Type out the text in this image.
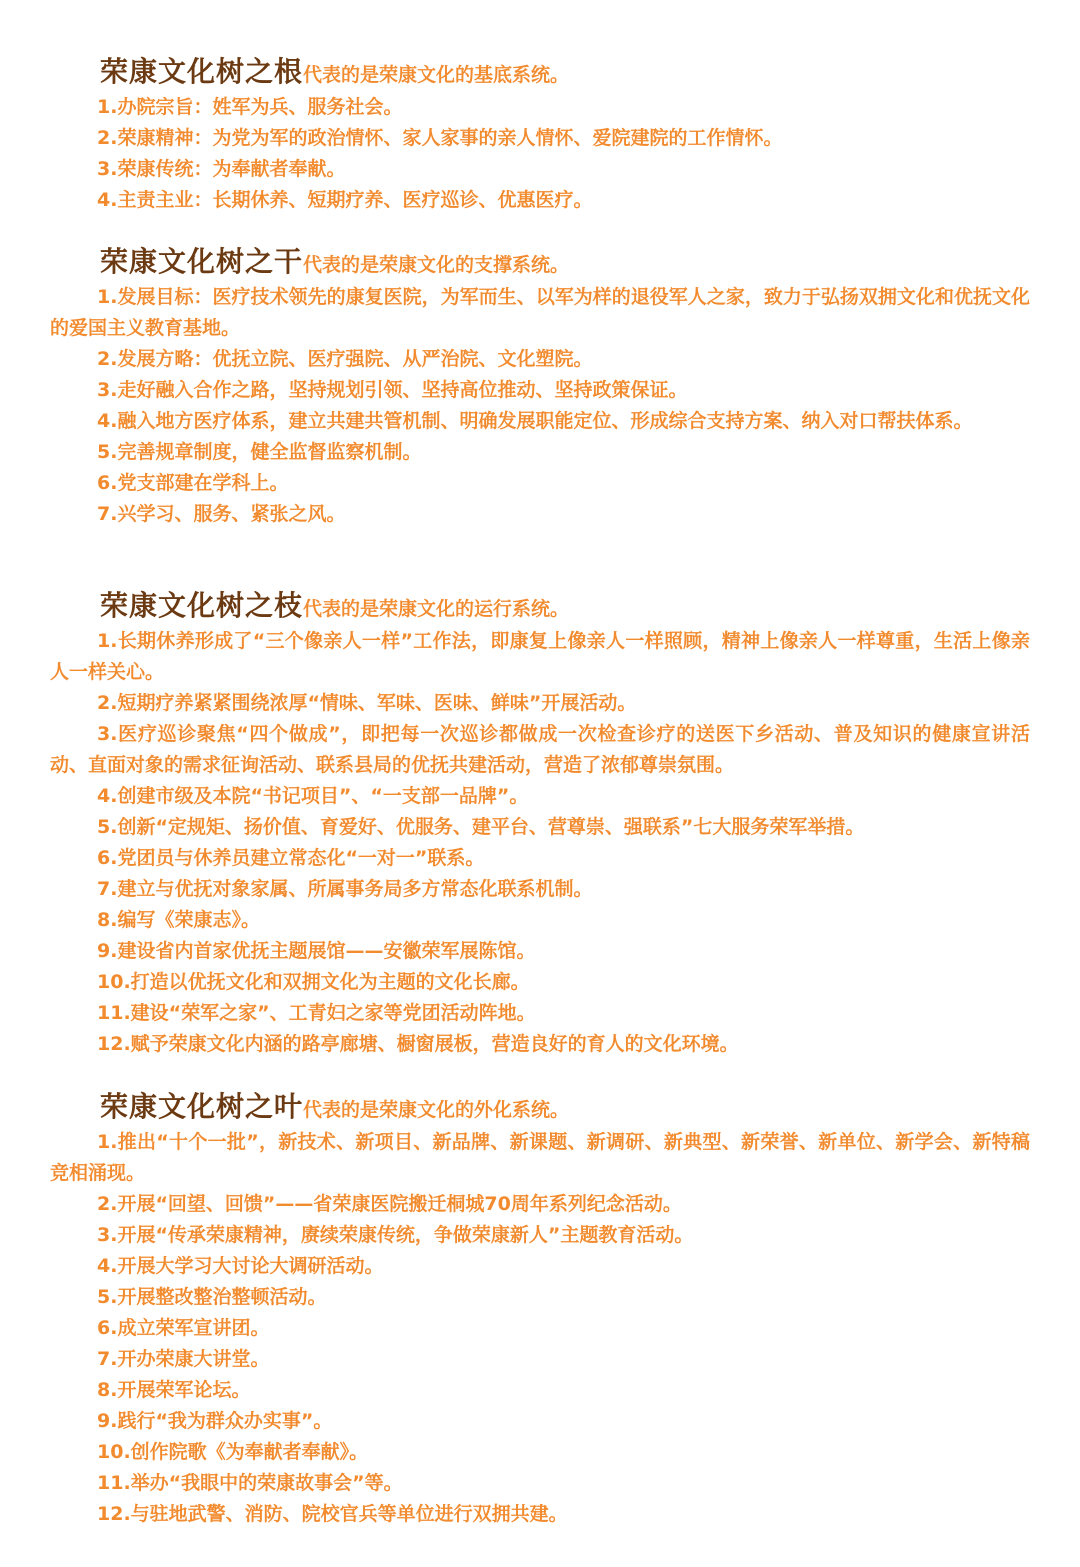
荣康文化树之根代表的是荣康文化的基底系统。

1.办院宗旨：姓军为兵、服务社会。

2.荣康精神：为党为军的政治情怀、家人家事的亲人情怀、爱院建院的工作情怀。

3.荣康传统：为奉献者奉献。

4.主责主业：长期休养、短期疗养、医疗巡诊、优惠医疗。

荣康文化树之干代表的是荣康文化的支撑系统。

1.发展目标：医疗技术领先的康复医院，为军而生、以军为样的退役军人之家，致力于弘扬双拥文化和优抚文化的爱国主义教育基地。

2.发展方略：优抚立院、医疗强院、从严治院、文化塑院。

3.走好融入合作之路，坚持规划引领、坚持高位推动、坚持政策保证。

4.融入地方医疗体系，建立共建共管机制、明确发展职能定位、形成综合支持方案、纳入对口帮扶体系。

5.完善规章制度，健全监督监察机制。

6.党支部建在学科上。

7.兴学习、服务、紧张之风。

荣康文化树之枝代表的是荣康文化的运行系统。

1.长期休养形成了“三个像亲人一样”工作法，即康复上像亲人一样照顾，精神上像亲人一样尊重，生活上像亲人一样关心。

2.短期疗养紧紧围绕浓厚“情味、军味、医味、鲜味”开展活动。

3.医疗巡诊聚焦“四个做成”，即把每一次巡诊都做成一次检查诊疗的送医下乡活动、普及知识的健康宣讲活动、直面对象的需求征询活动、联系县局的优抚共建活动，营造了浓郁尊崇氛围。

4.创建市级及本院“书记项目”、“一支部一品牌”。

5.创新“定规矩、扬价值、育爱好、优服务、建平台、营尊崇、强联系”七大服务荣军举措。

6.党团员与休养员建立常态化“一对一”联系。

7.建立与优抚对象家属、所属事务局多方常态化联系机制。

8.编写《荣康志》。

9.建设省内首家优抚主题展馆——安徽荣军展陈馆。

10.打造以优抚文化和双拥文化为主题的文化长廊。

11.建设“荣军之家”、工青妇之家等党团活动阵地。

12.赋予荣康文化内涵的路亭廊塘、橱窗展板，营造良好的育人的文化环境。

荣康文化树之叶代表的是荣康文化的外化系统。

1.推出“十个一批”，新技术、新项目、新品牌、新课题、新调研、新典型、新荣誉、新单位、新学会、新特稿竞相涌现。

2.开展“回望、回馈”——省荣康医院搬迁桐城70周年系列纪念活动。

3.开展“传承荣康精神，赓续荣康传统，争做荣康新人”主题教育活动。

4.开展大学习大讨论大调研活动。

5.开展整改整治整顿活动。

6.成立荣军宣讲团。

7.开办荣康大讲堂。

8.开展荣军论坛。

9.践行“我为群众办实事”。

10.创作院歌《为奉献者奉献》。

11.举办“我眼中的荣康故事会”等。

12.与驻地武警、消防、院校官兵等单位进行双拥共建。
